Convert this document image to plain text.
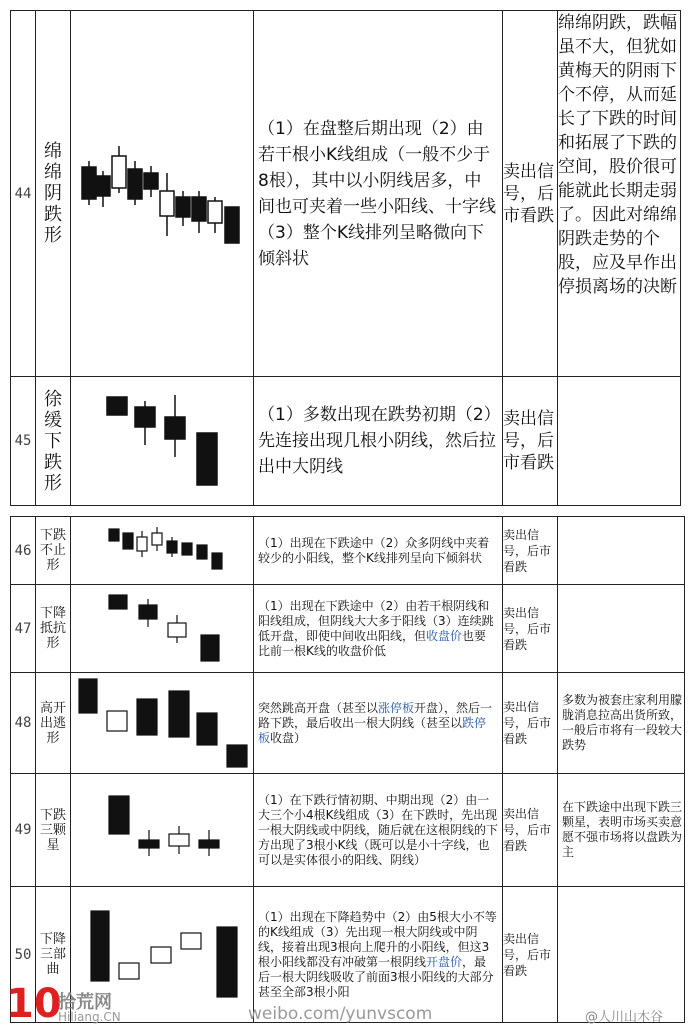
44	绵绵阴跌形		（1）在盘整后期出现（2）由若干根小K线组成（一般不少于8根），其中以小阴线居多，中间也可夹着一些小阳线、十字线（3）整个K线排列呈略微向下倾斜状	卖出信号，后市看跌	绵绵阴跌，跌幅虽不大，但犹如黄梅天的阴雨下个不停，从而延长了下跌的时间和拓展了下跌的空间，股价很可能就此长期走弱了。因此对绵绵阴跌走势的个股，应及早作出停损离场的决断
45	徐缓下跌形		（1）多数出现在跌势初期（2）先连接出现几根小阴线，然后拉出中大阴线	卖出信号，后市看跌	
46	下跌不止形		（1）出现在下跌途中（2）众多阴线中夹着较少的小阳线，整个K线排列呈向下倾斜状	卖出信号，后市看跌	
47	下降抵抗形		（1）出现在下跌途中（2）由若干根阴线和阳线组成，但阴线大大多于阳线（3）连续跳低开盘，即使中间收出阳线，但收盘价也要比前一根K线的收盘价低	卖出信号，后市看跌	
48	高开出逃形		突然跳高开盘（甚至以涨停板开盘），然后一路下跌，最后收出一根大阴线（甚至以跌停板收盘）	卖出信号，后市看跌	多数为被套庄家利用朦胧消息拉高出货所致，一般后市将有一段较大跌势
49	下跌三颗星		（1）在下跌行情初期、中期出现（2）由一大三个小4根K线组成（3）在下跌时，先出现一根大阴线或中阴线，随后就在这根阴线的下方出现了3根小K线（既可以是小十字线，也可以是实体很小的阳线、阴线）	卖出信号，后市看跌	在下跌途中出现下跌三颗星，表明市场买卖意愿不强市场将以盘跌为主
50	下降三部曲		（1）出现在下降趋势中（2）由5根大小不等的K线组成（3）先出现一根大阴线或中阴线，接着出现3根向上爬升的小阳线，但这3根小阳线都没有冲破第一根阴线开盘价，最后一根大阴线吸收了前面3根小阳线的大部分甚至全部3根小阳	卖出信号，后市看跌	
10
拾荒网
Hiliang.CN	weibo.com/yunvscom	@人川山木谷
